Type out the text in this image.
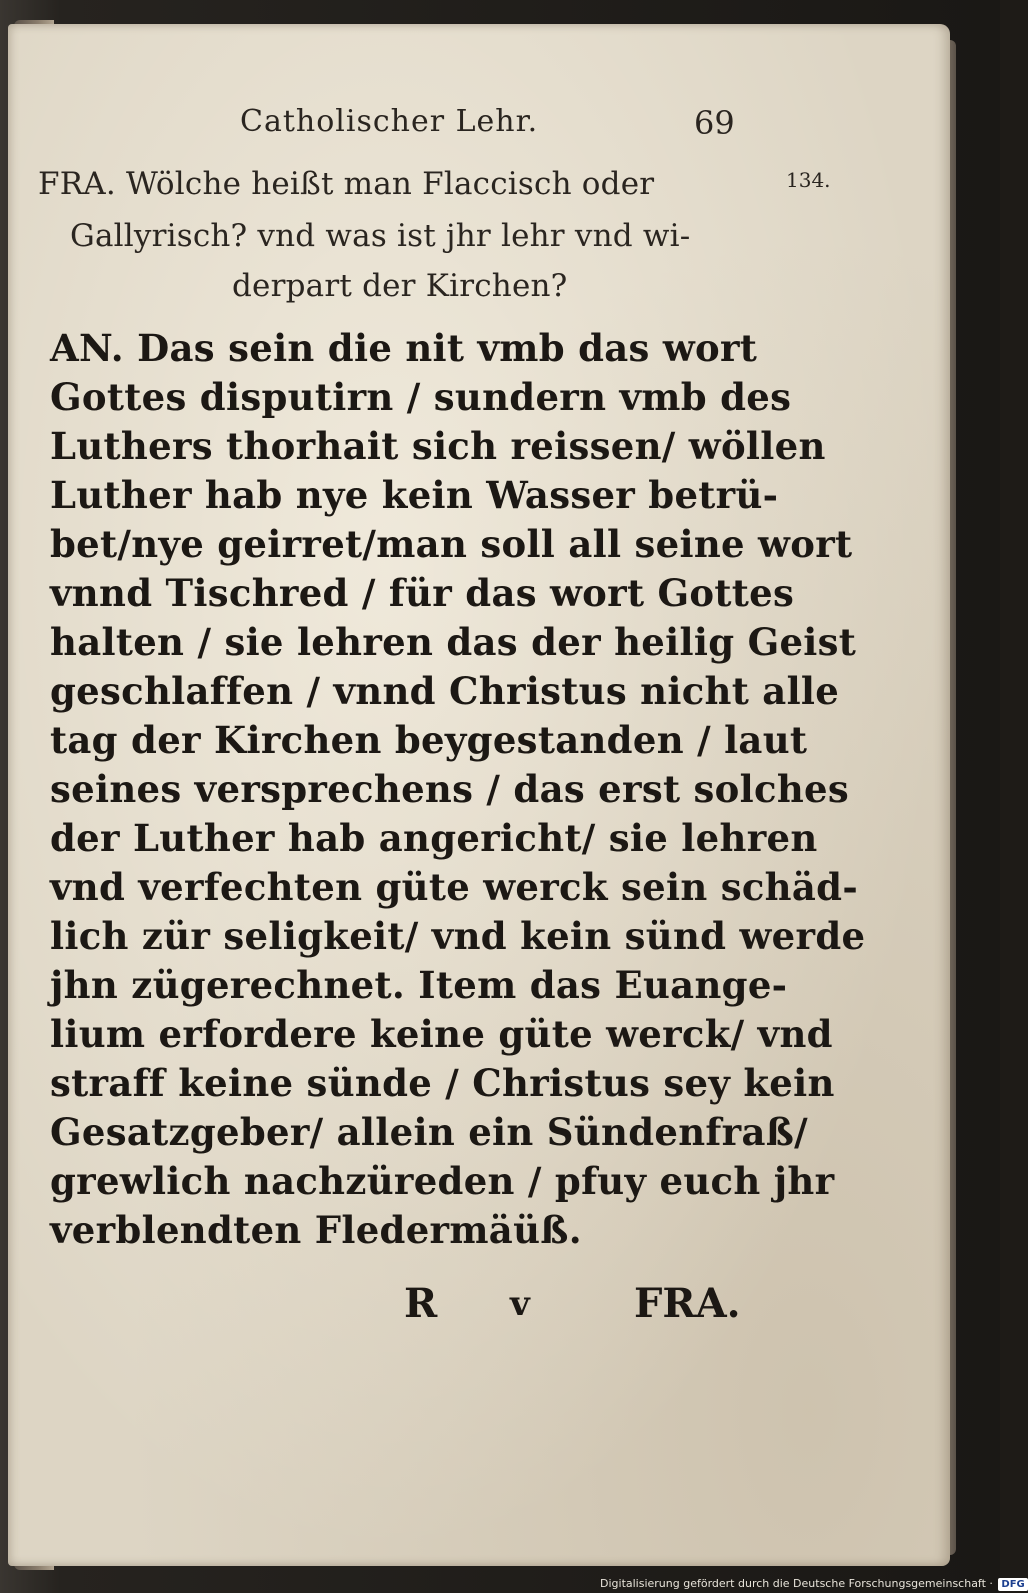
Catholischer Lehr.	69
134.
FRA. Wölche heißt man Flaccisch oder
Gallyrisch? vnd was ist jhr lehr vnd wi-
derpart der Kirchen?
AN. Das sein die nit vmb das wort
Gottes disputirn / sundern vmb des
Luthers thorhait sich reissen/ wöllen
Luther hab nye kein Wasser betrü-
bet/nye geirret/man soll all seine wort
vnnd Tischred / für das wort Gottes
halten / sie lehren das der heilig Geist
geschlaffen / vnnd Christus nicht alle
tag der Kirchen beygestanden / laut
seines versprechens / das erst solches
der Luther hab angericht/ sie lehren
vnd verfechten güte werck sein schäd-
lich zür seligkeit/ vnd kein sünd werde
jhn zügerechnet. Item das Euange-
lium erfordere keine güte werck/ vnd
straff keine sünde / Christus sey kein
Gesatzgeber/ allein ein Sündenfraß/
grewlich nachzüreden / pfuy euch jhr
verblendten Fledermäüß.
R v	FRA.
Digitalisierung gefördert durch die Deutsche Forschungsgemeinschaft · DFG
